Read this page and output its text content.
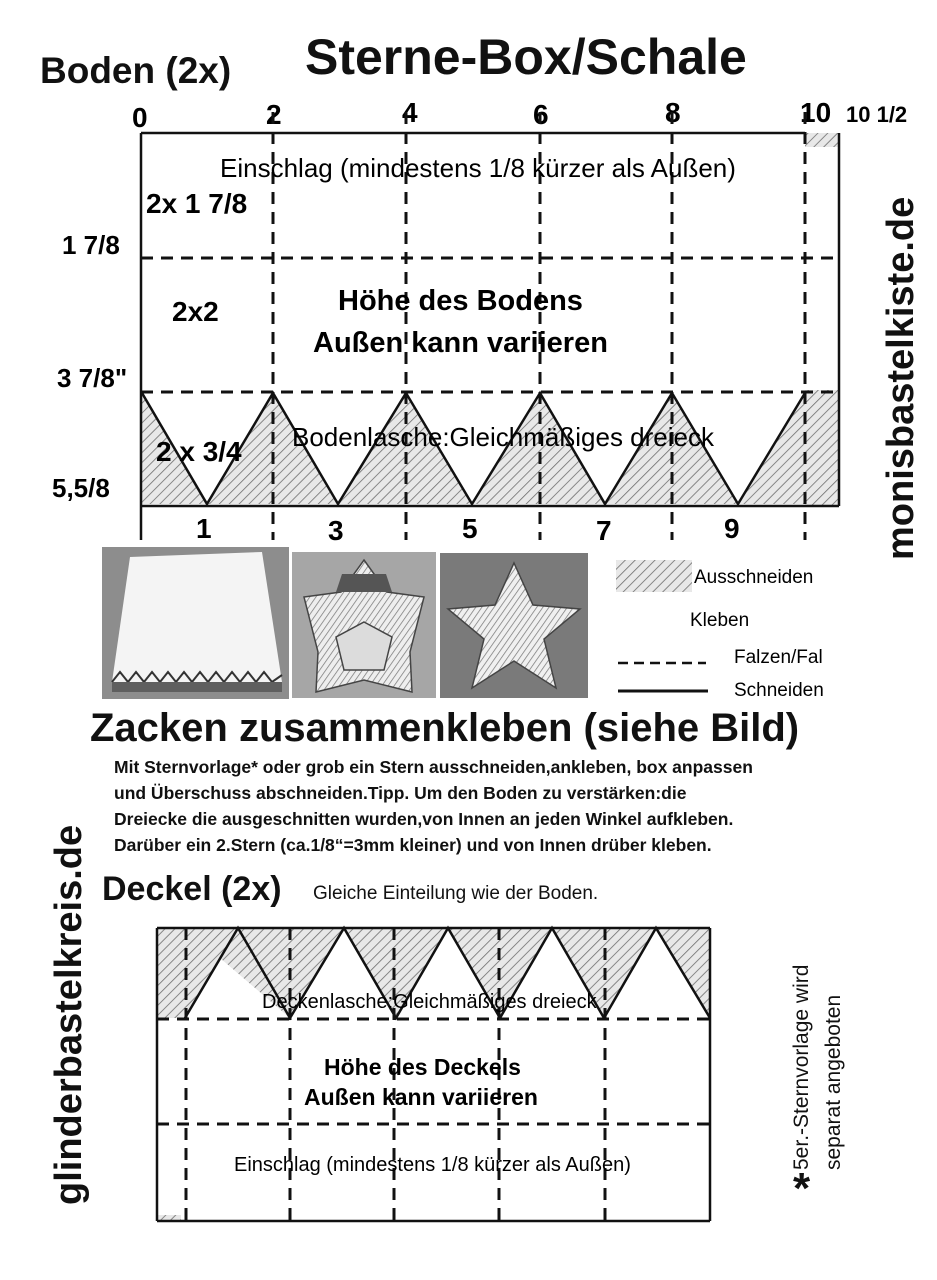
Sterne-Box/Schale
Boden (2x)
0	2	4	6	8	10 10 1/2
1 7/8
3 7/8"
5,5/8
1	3	5	7	9
Einschlag (mindestens 1/8 kürzer als Außen)
2x 1 7/8
2x2	Höhe des Bodens
Außen kann variieren
2 x 3/4 Bodenlasche:Gleichmäßiges dreieck	monisbastelkiste.de
Ausschneiden
Kleben
Falzen/Fal
Schneiden
Zacken zusammenkleben (siehe Bild)
Mit Sternvorlage* oder grob ein Stern ausschneiden,ankleben, box anpassen
und Überschuss abschneiden.Tipp. Um den Boden zu verstärken:die
Dreiecke die ausgeschnitten wurden,von Innen an jeden Winkel aufkleben.
Darüber ein 2.Stern (ca.1/8“=3mm kleiner) und von Innen drüber kleben.
Deckel (2x) Gleiche Einteilung wie der Boden.
Deckenlasche:Gleichmäßiges dreieck
Höhe des Deckels
Außen kann variieren
Einschlag (mindestens 1/8 kürzer als Außen)
glinderbastelkreis.de	5er.-Sternvorlage wird separat angeboten
*
